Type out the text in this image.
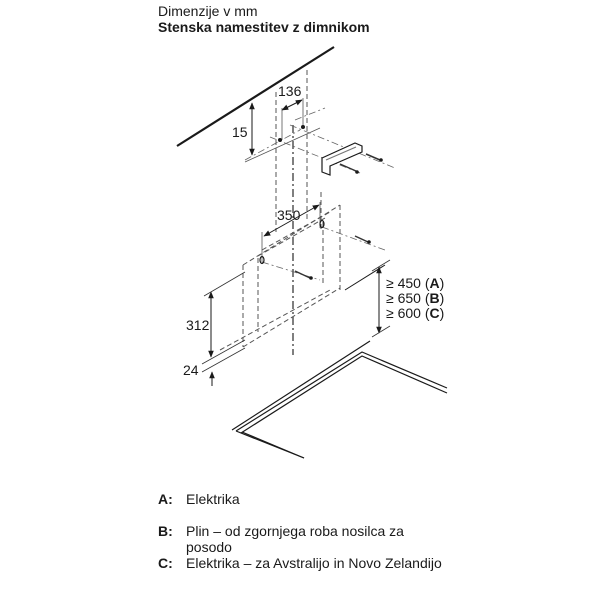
Dimenzije v mm
Stenska namestitev z dimnikom
15
136
350
312
24
≥ 450 (A)
≥ 650 (B)
≥ 600 (C)
A: Elektrika
B: Plin – od zgornjega roba nosilca za posodo
C: Elektrika – za Avstralijo in Novo Zelandijo
